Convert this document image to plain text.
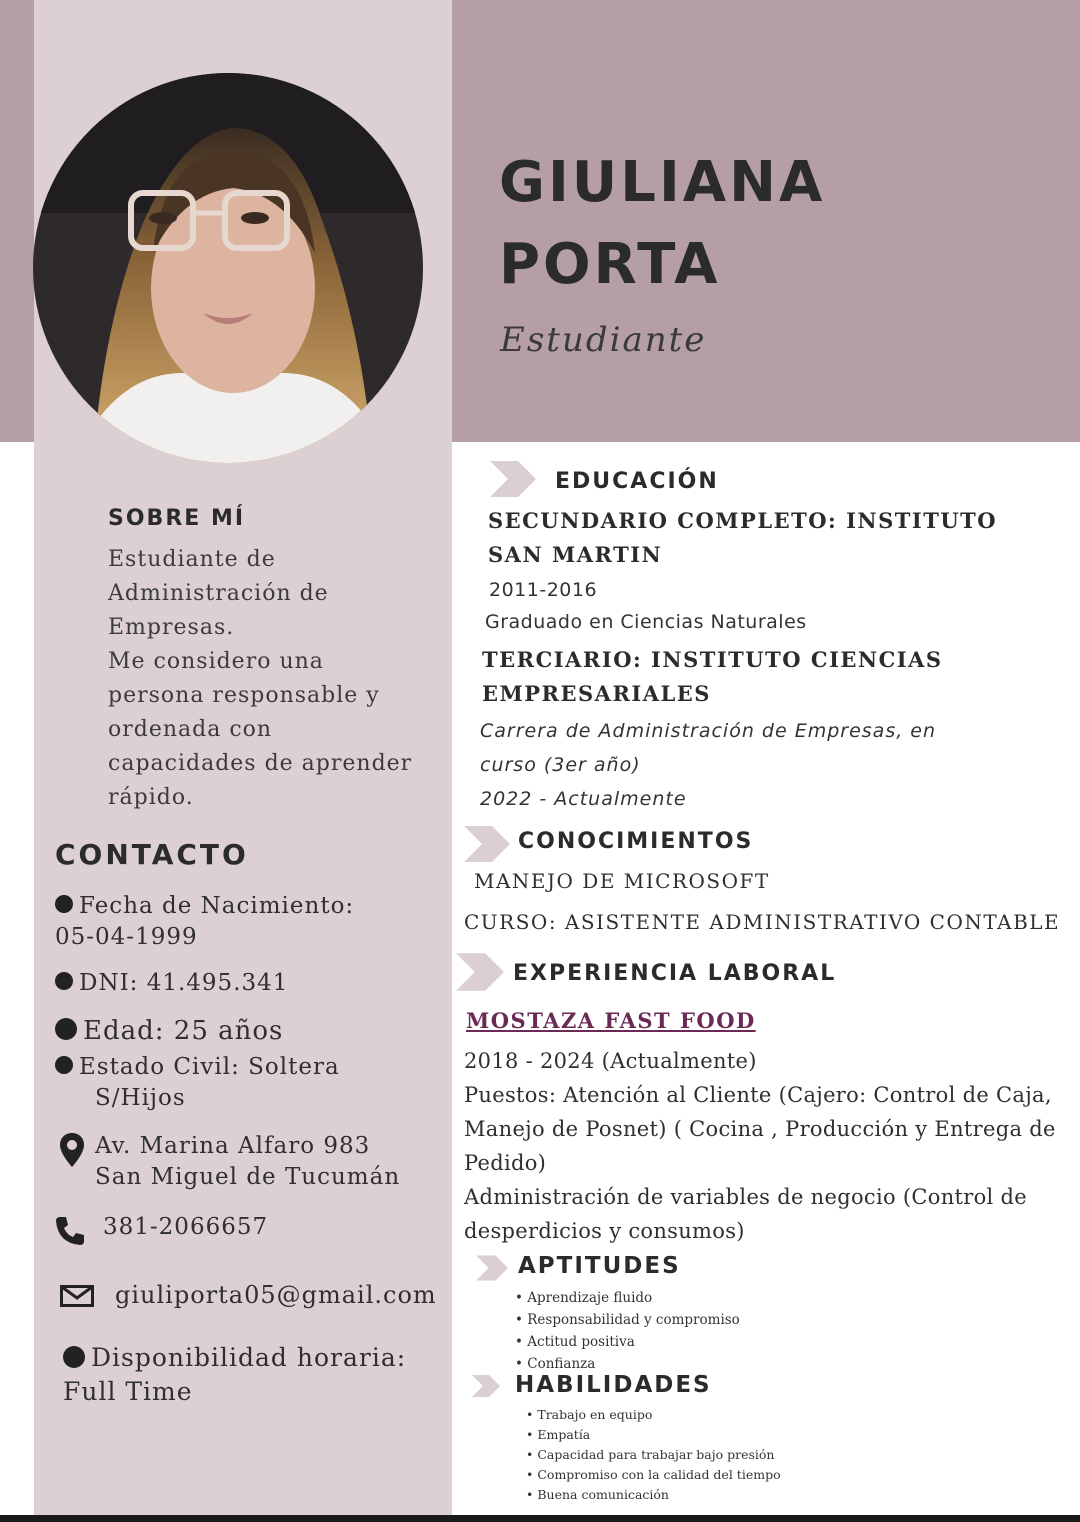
GIULIANA
PORTA
Estudiante
SOBRE MÍ
Estudiante de
Administración de
Empresas.
Me considero una
persona responsable y
ordenada con
capacidades de aprender
rápido.
CONTACTO
Fecha de Nacimiento:
05-04-1999
DNI: 41.495.341
Edad: 25 años
Estado Civil: Soltera
S/Hijos
Av. Marina Alfaro 983
San Miguel de Tucumán
381-2066657
giuliporta05@gmail.com
Disponibilidad horaria:
Full Time
EDUCACIÓN
SECUNDARIO COMPLETO: INSTITUTO
SAN MARTIN
2011-2016
Graduado en Ciencias Naturales
TERCIARIO: INSTITUTO CIENCIAS
EMPRESARIALES
Carrera de Administración de Empresas, en
curso (3er año)
2022 - Actualmente
CONOCIMIENTOS
MANEJO DE MICROSOFT
CURSO: ASISTENTE ADMINISTRATIVO CONTABLE
EXPERIENCIA LABORAL
MOSTAZA FAST FOOD
2018 - 2024 (Actualmente)
Puestos: Atención al Cliente (Cajero: Control de Caja,
Manejo de Posnet) ( Cocina , Producción y Entrega de
Pedido)
Administración de variables de negocio (Control de
desperdicios y consumos)
APTITUDES
• Aprendizaje fluido
• Responsabilidad y compromiso
• Actitud positiva
• Confianza
HABILIDADES
• Trabajo en equipo
• Empatía
• Capacidad para trabajar bajo presión
• Compromiso con la calidad del tiempo
• Buena comunicación
